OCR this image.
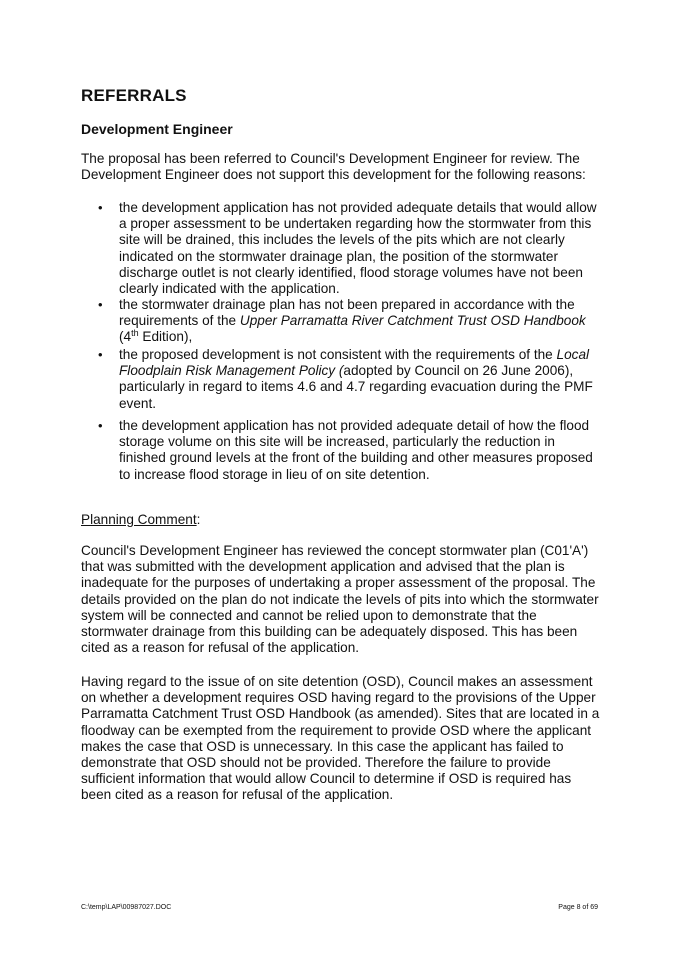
REFERRALS
Development Engineer

The proposal has been referred to Council's Development Engineer for review. The Development Engineer does not support this development for the following reasons:

• the development application has not provided adequate details that would allow a proper assessment to be undertaken regarding how the stormwater from this site will be drained, this includes the levels of the pits which are not clearly indicated on the stormwater drainage plan, the position of the stormwater discharge outlet is not clearly identified, flood storage volumes have not been clearly indicated with the application.
• the stormwater drainage plan has not been prepared in accordance with the requirements of the Upper Parramatta River Catchment Trust OSD Handbook (4th Edition),
• the proposed development is not consistent with the requirements of the Local Floodplain Risk Management Policy (adopted by Council on 26 June 2006), particularly in regard to items 4.6 and 4.7 regarding evacuation during the PMF event.
• the development application has not provided adequate detail of how the flood storage volume on this site will be increased, particularly the reduction in finished ground levels at the front of the building and other measures proposed to increase flood storage in lieu of on site detention.

Planning Comment:

Council's Development Engineer has reviewed the concept stormwater plan (C01'A') that was submitted with the development application and advised that the plan is inadequate for the purposes of undertaking a proper assessment of the proposal. The details provided on the plan do not indicate the levels of pits into which the stormwater system will be connected and cannot be relied upon to demonstrate that the stormwater drainage from this building can be adequately disposed. This has been cited as a reason for refusal of the application.

Having regard to the issue of on site detention (OSD), Council makes an assessment on whether a development requires OSD having regard to the provisions of the Upper Parramatta Catchment Trust OSD Handbook (as amended). Sites that are located in a floodway can be exempted from the requirement to provide OSD where the applicant makes the case that OSD is unnecessary. In this case the applicant has failed to demonstrate that OSD should not be provided. Therefore the failure to provide sufficient information that would allow Council to determine if OSD is required has been cited as a reason for refusal of the application.

C:\temp\LAP\00987027.DOC	Page 8 of 69
